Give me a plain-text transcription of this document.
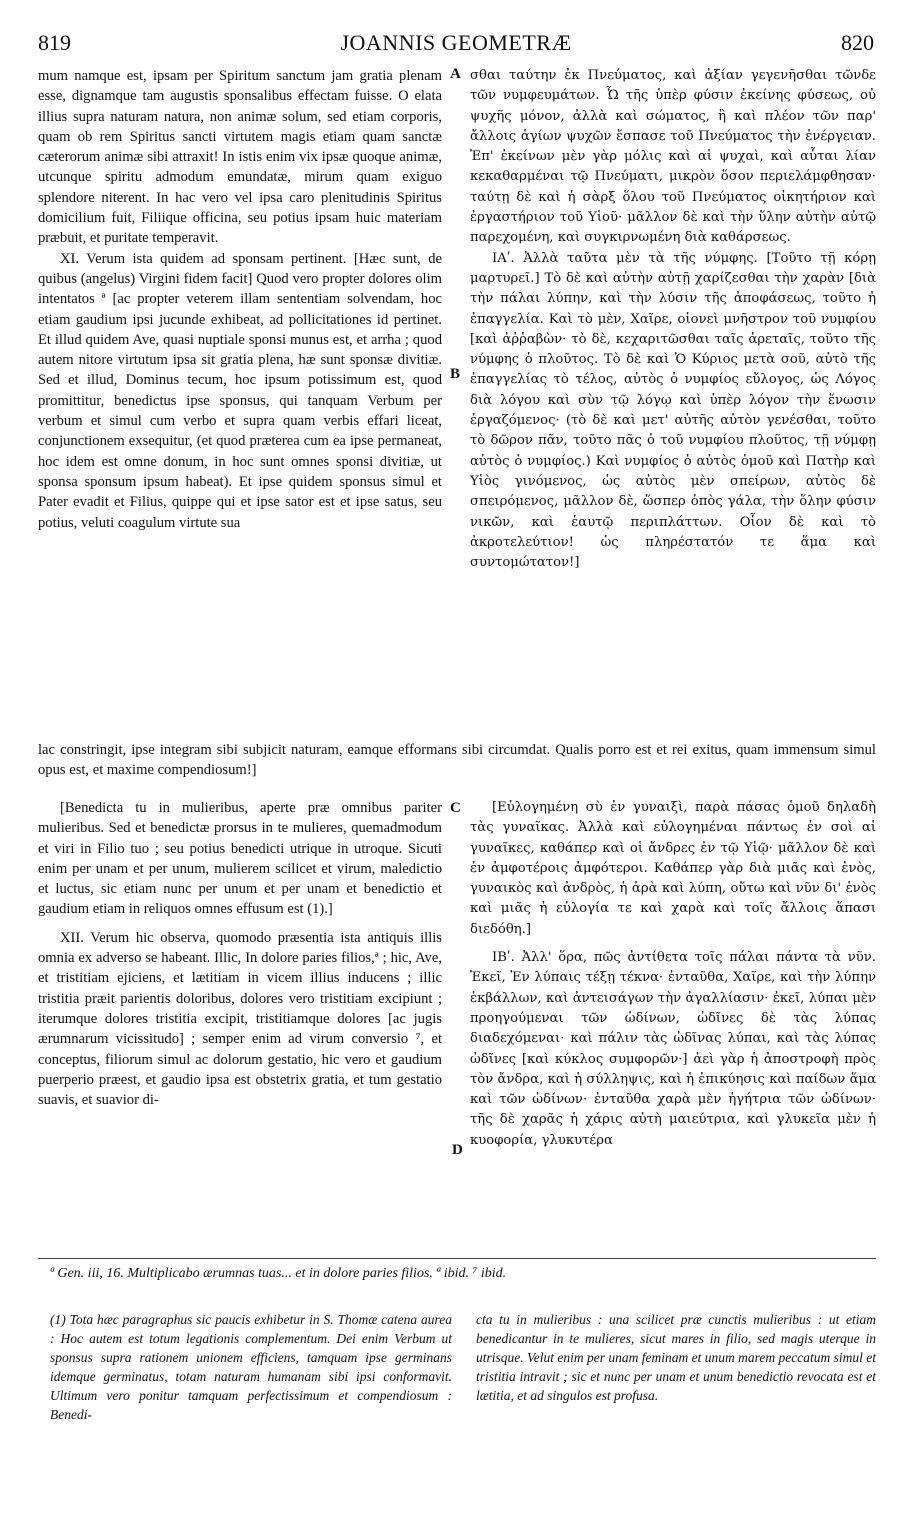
819	JOANNIS GEOMETRÆ	820
A
B
C
D

mum namque est, ipsam per Spiritum sanctum jam gratia plenam esse, dignamque tam augustis sponsalibus effectam fuisse. O elata illius supra naturam natura, non animæ solum, sed etiam corporis, quam ob rem Spiritus sancti virtutem magis etiam quam sanctæ cæterorum animæ sibi attraxit! In istis enim vix ipsæ quoque animæ, utcunque spiritu admodum emundatæ, mirum quam exiguo splendore niterent. In hac vero vel ipsa caro plenitudinis Spiritus domicilium fuit, Filiique officina, seu potius ipsam huic materiam præbuit, et puritate temperavit.

XI. Verum ista quidem ad sponsam pertinent. [Hæc sunt, de quibus (angelus) Virgini fidem facit] Quod vero propter dolores olim intentatos ª [ac propter veterem illam sententiam solvendam, hoc etiam gaudium ipsi jucunde exhibeat, ad pollicitationes id pertinet. Et illud quidem Ave, quasi nuptiale sponsi munus est, et arrha ; quod autem nitore virtutum ipsa sit gratia plena, hæ sunt sponsæ divitiæ. Sed et illud, Dominus tecum, hoc ipsum potissimum est, quod promittitur, benedictus ipse sponsus, qui tanquam Verbum per verbum et simul cum verbo et supra quam verbis effari liceat, conjunctionem exsequitur, (et quod præterea cum ea ipse permaneat, hoc idem est omne donum, in hoc sunt omnes sponsi divitiæ, ut sponsa sponsum ipsum habeat). Et ipse quidem sponsus simul et Pater evadit et Filius, quippe qui et ipse sator est et ipse satus, seu potius, veluti coagulum virtute sua

σθαι ταύτην ἐκ Πνεύματος, καὶ ἀξίαν γεγενῆσθαι τῶνδε τῶν νυμφευμάτων. Ὦ τῆς ὑπὲρ φύσιν ἐκείνης φύσεως, οὐ ψυχῆς μόνον, ἀλλὰ καὶ σώματος, ἣ καὶ πλέον τῶν παρ' ἄλλοις ἁγίων ψυχῶν ἔσπασε τοῦ Πνεύματος τὴν ἐνέργειαν. Ἐπ' ἐκείνων μὲν γὰρ μόλις καὶ αἱ ψυχαὶ, καὶ αὗται λίαν κεκαθαρμέναι τῷ Πνεύματι, μικρὸν ὅσον περιελάμφθησαν· ταύτῃ δὲ καὶ ἡ σὰρξ ὅλου τοῦ Πνεύματος οἰκητήριον καὶ ἐργαστήριον τοῦ Υἱοῦ· μᾶλλον δὲ καὶ τὴν ὕλην αὐτὴν αὐτῷ παρεχομένη, καὶ συγκιρνωμένη διὰ καθάρσεως.

ΙΑʹ. Ἀλλὰ ταῦτα μὲν τὰ τῆς νύμφης. [Τοῦτο τῇ κόρῃ μαρτυρεῖ.] Τὸ δὲ καὶ αὐτὴν αὐτῇ χαρίζεσθαι τὴν χαρὰν [διὰ τὴν πάλαι λύπην, καὶ τὴν λύσιν τῆς ἀποφάσεως, τοῦτο ἡ ἐπαγγελία. Καὶ τὸ μὲν, Χαῖρε, οἱονεὶ μνῆστρον τοῦ νυμφίου [καὶ ἀῤῥαβὼν· τὸ δὲ, κεχαριτῶσθαι ταῖς ἀρεταῖς, τοῦτο τῆς νύμφης ὁ πλοῦτος. Τὸ δὲ καὶ Ὁ Κύριος μετὰ σοῦ, αὐτὸ τῆς ἐπαγγελίας τὸ τέλος, αὐτὸς ὁ νυμφίος εὔλογος, ὡς Λόγος διὰ λόγου καὶ σὺν τῷ λόγῳ καὶ ὑπὲρ λόγον τὴν ἕνωσιν ἐργαζόμενος· (τὸ δὲ καὶ μετ' αὐτῆς αὐτὸν γενέσθαι, τοῦτο τὸ δῶρον πᾶν, τοῦτο πᾶς ὁ τοῦ νυμφίου πλοῦτος, τῇ νύμφῃ αὐτὸς ὁ νυμφίος.) Καὶ νυμφίος ὁ αὐτὸς ὁμοῦ καὶ Πατὴρ καὶ Υἱὸς γινόμενος, ὡς αὐτὸς μὲν σπείρων, αὐτὸς δὲ σπειρόμενος, μᾶλλον δὲ, ὥσπερ ὀπὸς γάλα, τὴν ὅλην φύσιν νικῶν, καὶ ἑαυτῷ περιπλάττων. Οἷον δὲ καὶ τὸ ἀκροτελεύτιον! ὡς πληρέστατόν τε ἅμα καὶ συντομώτατον!]

lac constringit, ipse integram sibi subjicit naturam, eamque efformans sibi circumdat. Qualis porro est et rei exitus, quam immensum simul opus est, et maxime compendiosum!]

[Benedicta tu in mulieribus, aperte præ omnibus pariter mulieribus. Sed et benedictæ prorsus in te mulieres, quemadmodum et viri in Filio tuo ; seu potius benedicti utrique in utroque. Sicuti enim per unam et per unum, mulierem scilicet et virum, maledictio et luctus, sic etiam nunc per unum et per unam et benedictio et gaudium etiam in reliquos omnes effusum est (1).]

XII. Verum hic observa, quomodo præsentia ista antiquis illis omnia ex adverso se habeant. Illic, In dolore paries filios,ª ; hic, Ave, et tristitiam ejiciens, et lætitiam in vicem illius inducens ; illic tristitia præit parientis doloribus, dolores vero tristitiam excipiunt ; iterumque dolores tristitia excipit, tristitiamque dolores [ac jugis ærumnarum vicissitudo] ; semper enim ad virum conversio ⁷, et conceptus, filiorum simul ac dolorum gestatio, hic vero et gaudium puerperio præest, et gaudio ipsa est obstetrix gratia, et tum gestatio suavis, et suavior di-

[Εὐλογημένη σὺ ἐν γυναιξὶ, παρὰ πάσας ὁμοῦ δηλαδὴ τὰς γυναῖκας. Ἀλλὰ καὶ εὐλογημέναι πάντως ἐν σοὶ αἱ γυναῖκες, καθάπερ καὶ οἱ ἄνδρες ἐν τῷ Υἱῷ· μᾶλλον δὲ καὶ ἐν ἀμφοτέροις ἀμφότεροι. Καθάπερ γὰρ διὰ μιᾶς καὶ ἑνὸς, γυναικὸς καὶ ἀνδρὸς, ἡ ἀρὰ καὶ λύπη, οὕτω καὶ νῦν δι' ἑνὸς καὶ μιᾶς ἡ εὐλογία τε καὶ χαρὰ καὶ τοῖς ἄλλοις ἅπασι διεδόθη.]

ΙΒʹ. Ἀλλ' ὅρα, πῶς ἀντίθετα τοῖς πάλαι πάντα τὰ νῦν. Ἐκεῖ, Ἐν λύπαις τέξῃ τέκνα· ἐνταῦθα, Χαῖρε, καὶ τὴν λύπην ἐκβάλλων, καὶ ἀντεισάγων τὴν ἀγαλλίασιν· ἐκεῖ, λύπαι μὲν προηγούμεναι τῶν ὠδίνων, ὠδῖνες δὲ τὰς λύπας διαδεχόμεναι· καὶ πάλιν τὰς ὠδῖνας λύπαι, καὶ τὰς λύπας ὠδῖνες [καὶ κύκλος συμφορῶν·] ἀεὶ γὰρ ἡ ἀποστροφὴ πρὸς τὸν ἄνδρα, καὶ ἡ σύλληψις, καὶ ἡ ἐπικύησις καὶ παίδων ἅμα καὶ τῶν ὠδίνων· ἐνταῦθα χαρὰ μὲν ἡγήτρια τῶν ὠδίνων· τῆς δὲ χαρᾶς ἡ χάρις αὐτὴ μαιεύτρια, καὶ γλυκεῖα μὲν ἡ κυοφορία, γλυκυτέρα

ª Gen. iii, 16. Multiplicabo ærumnas tuas... et in dolore paries filios. ª ibid. ⁷ ibid.
(1) Tota hæc paragraphus sic paucis exhibetur in S. Thomæ catena aurea : Hoc autem est totum legationis complementum. Dei enim Verbum ut sponsus supra rationem unionem efficiens, tamquam ipse germinans idemque germinatus, totam naturam humanam sibi ipsi conformavit. Ultimum vero ponitur tamquam perfectissimum et compendiosum : Benedi-
cta tu in mulieribus : una scilicet præ cunctis mulieribus : ut etiam benedicantur in te mulieres, sicut mares in filio, sed magis uterque in utrisque. Velut enim per unam feminam et unum marem peccatum simul et tristitia intravit ; sic et nunc per unam et unum benedictio revocata est et lætitia, et ad singulos est profusa.
